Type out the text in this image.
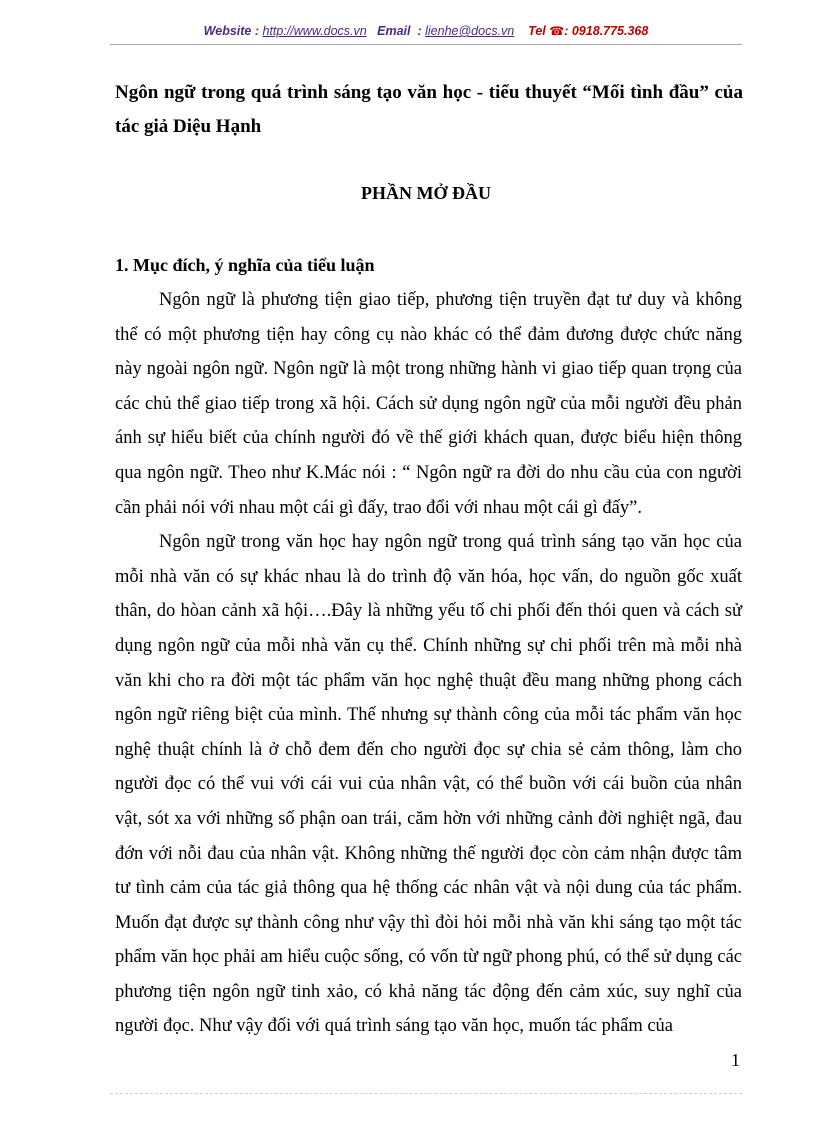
Website : http://www.docs.vn Email : lienhe@docs.vn Tel ☎: 0918.775.368
Ngôn ngữ trong quá trình sáng tạo văn học - tiểu thuyết “Mối tình đầu” của tác giả Diệu Hạnh
PHẦN MỞ ĐẦU
1. Mục đích, ý nghĩa của tiểu luận

Ngôn ngữ là phương tiện giao tiếp, phương tiện truyền đạt tư duy và không thể có một phương tiện hay công cụ nào khác có thể đảm đương được chức năng này ngoài ngôn ngữ. Ngôn ngữ là một trong những hành vi giao tiếp quan trọng của các chủ thể giao tiếp trong xã hội. Cách sử dụng ngôn ngữ của mỗi người đều phản ánh sự hiểu biết của chính người đó về thế giới khách quan, được biểu hiện thông qua ngôn ngữ. Theo như K.Mác nói : “ Ngôn ngữ ra đời do nhu cầu của con người cần phải nói với nhau một cái gì đấy, trao đổi với nhau một cái gì đấy”.

Ngôn ngữ trong văn học hay ngôn ngữ trong quá trình sáng tạo văn học của mỗi nhà văn có sự khác nhau là do trình độ văn hóa, học vấn, do nguồn gốc xuất thân, do hòan cảnh xã hội….Đây là những yếu tố chi phối đến thói quen và cách sử dụng ngôn ngữ của mỗi nhà văn cụ thể. Chính những sự chi phối trên mà mỗi nhà văn khi cho ra đời một tác phẩm văn học nghệ thuật đều mang những phong cách ngôn ngữ riêng biệt của mình. Thế nhưng sự thành công của mỗi tác phẩm văn học nghệ thuật chính là ở chỗ đem đến cho người đọc sự chia sẻ cảm thông, làm cho người đọc có thể vui với cái vui của nhân vật, có thể buồn với cái buồn của nhân vật, sót xa với những số phận oan trái, căm hờn với những cảnh đời nghiệt ngã, đau đớn với nỗi đau của nhân vật. Không những thế người đọc còn cảm nhận được tâm tư tình cảm của tác giả thông qua hệ thống các nhân vật và nội dung của tác phẩm. Muốn đạt được sự thành công như vậy thì đòi hỏi mỗi nhà văn khi sáng tạo một tác phẩm văn học phải am hiểu cuộc sống, có vốn từ ngữ phong phú, có thể sử dụng các phương tiện ngôn ngữ tinh xảo, có khả năng tác động đến cảm xúc, suy nghĩ của người đọc. Như vậy đối với quá trình sáng tạo văn học, muốn tác phẩm của

1
